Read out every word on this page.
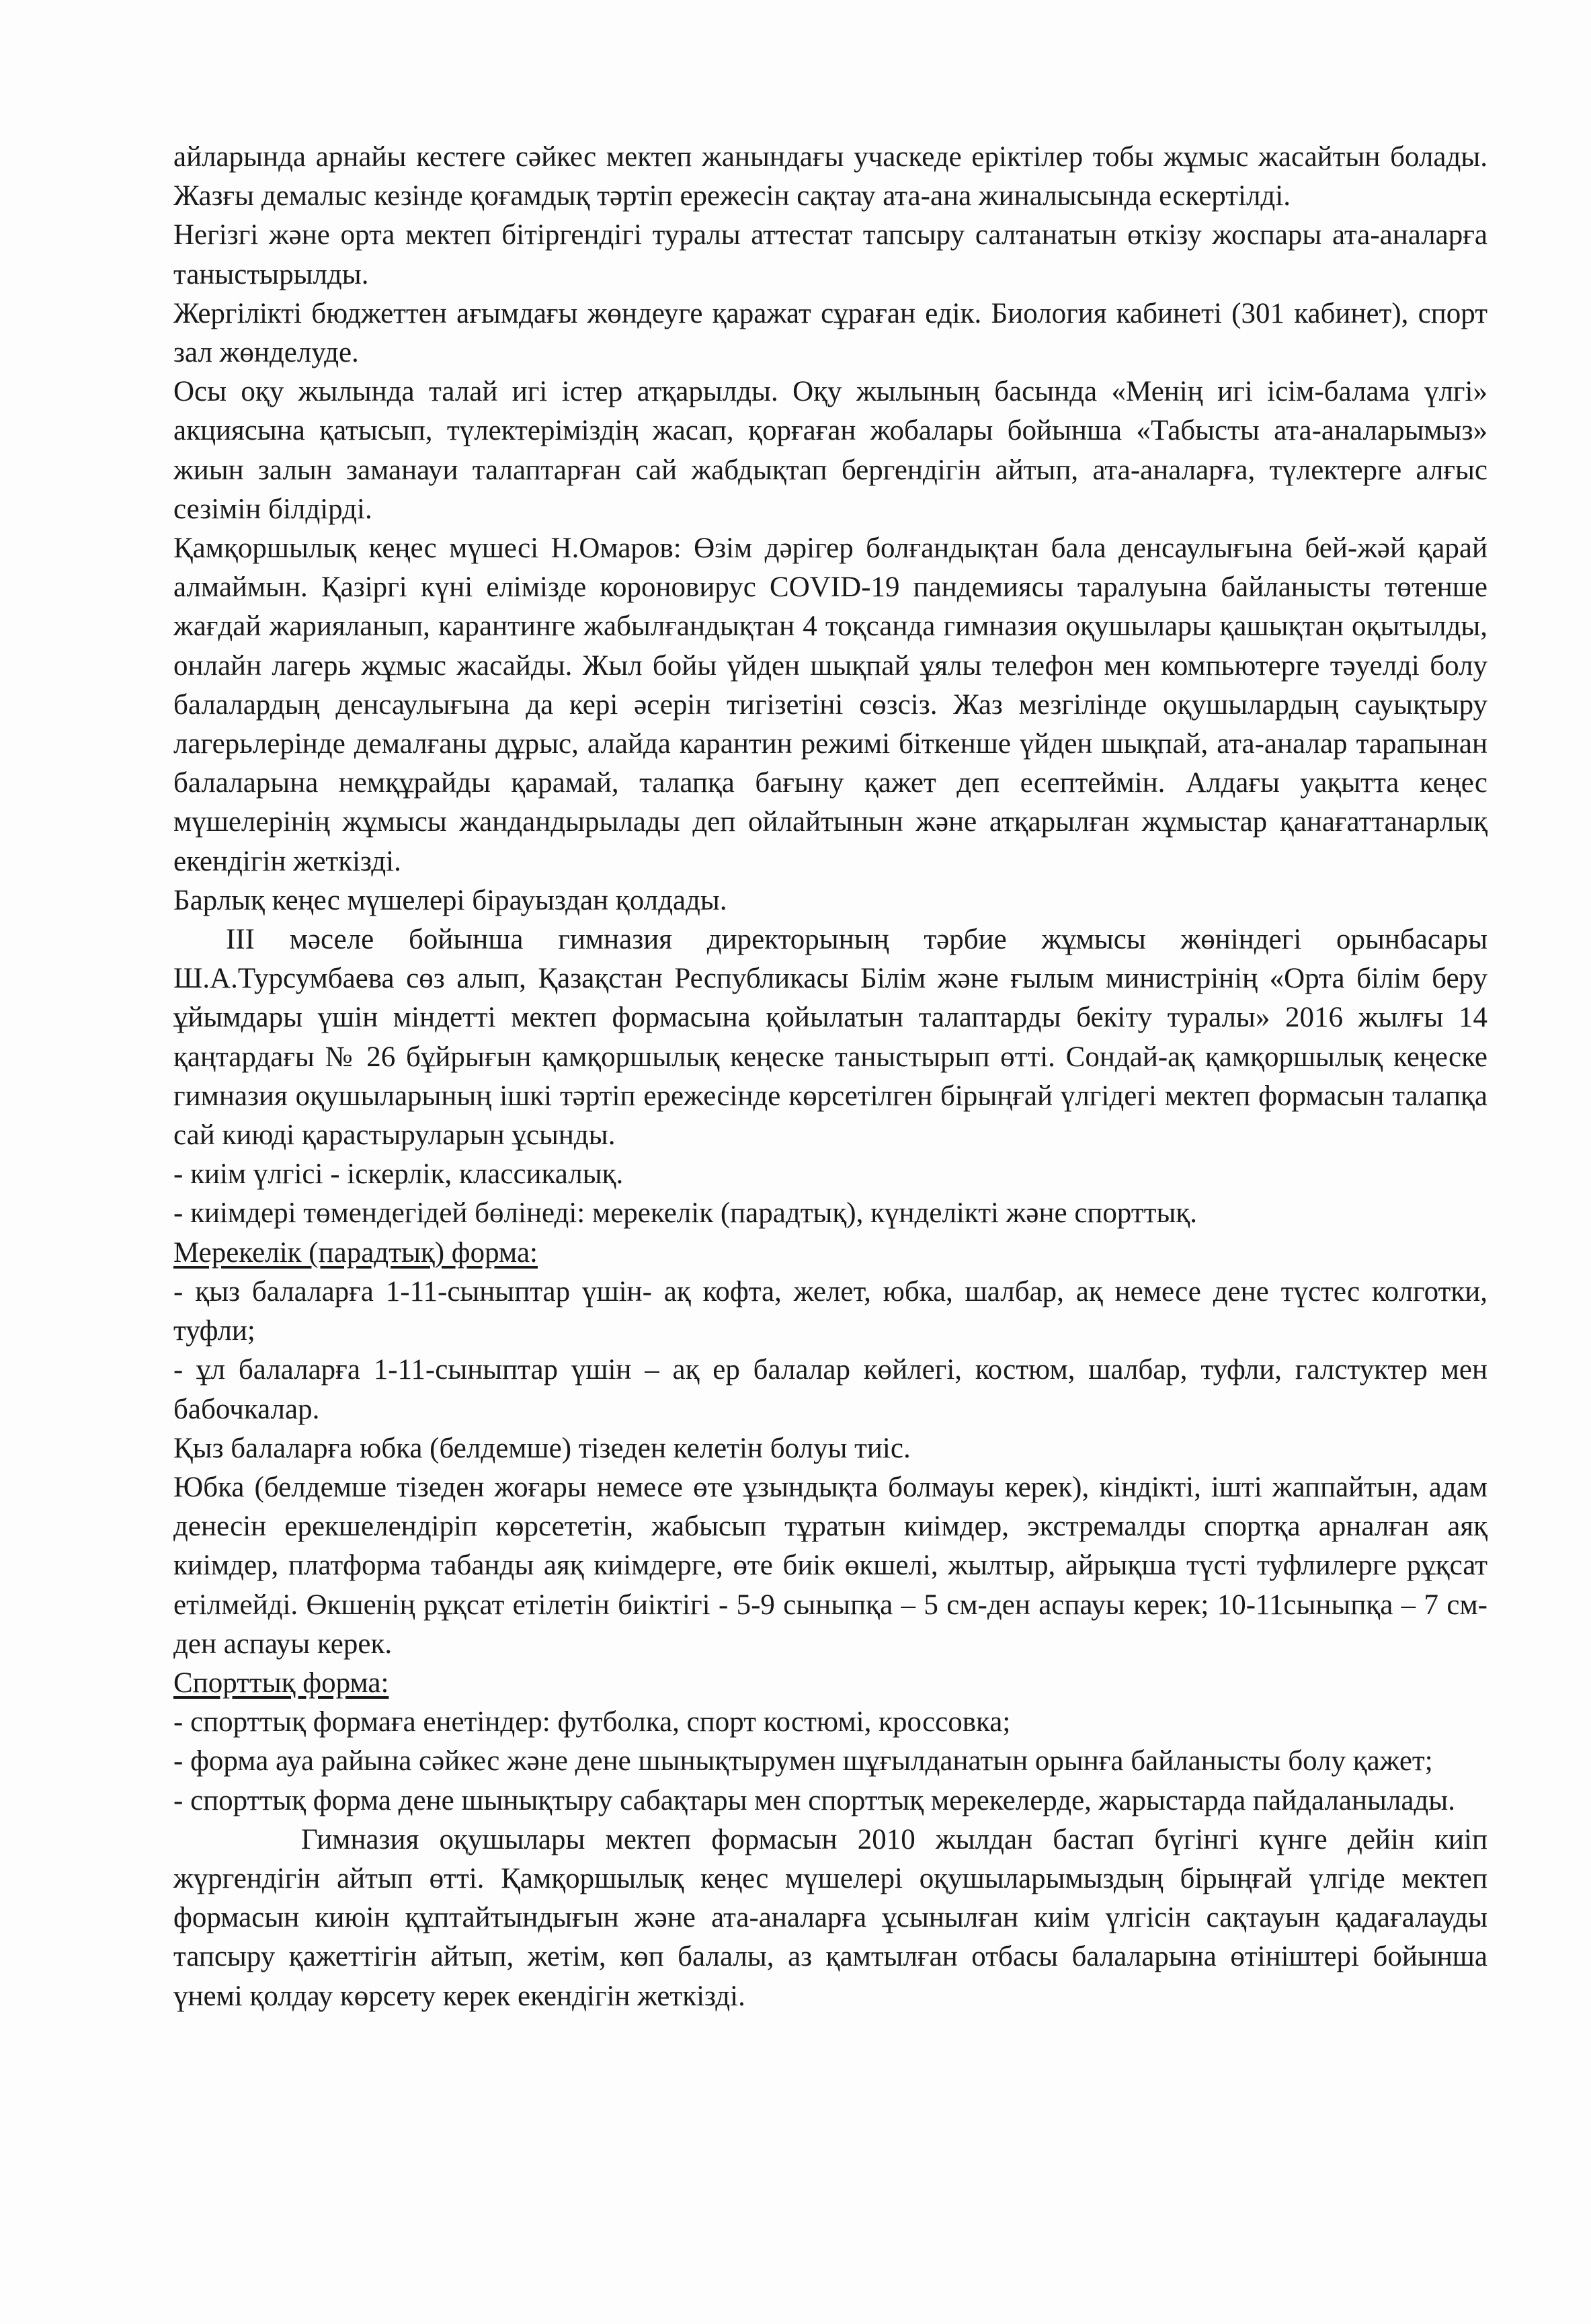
айларында арнайы кестеге сәйкес мектеп жанындағы учаскеде еріктілер тобы жұмыс жасайтын болады. Жазғы демалыс кезінде қоғамдық тәртіп ережесін сақтау ата-ана жиналысында ескертілді.

Негізгі және орта мектеп бітіргендігі туралы аттестат тапсыру салтанатын өткізу жоспары ата-аналарға таныстырылды.

Жергілікті бюджеттен ағымдағы жөндеуге қаражат сұраған едік. Биология кабинеті (301 кабинет), спорт зал жөнделуде.

Осы оқу жылында талай игі істер атқарылды. Оқу жылының басында «Менің игі ісім-балама үлгі» акциясына қатысып, түлектеріміздің жасап, қорғаған жобалары бойынша «Табысты ата-аналарымыз» жиын залын заманауи талаптарған сай жабдықтап бергендігін айтып, ата-аналарға, түлектерге алғыс сезімін білдірді.

Қамқоршылық кеңес мүшесі Н.Омаров: Өзім дәрігер болғандықтан бала денсаулығына бей-жәй қарай алмаймын. Қазіргі күні елімізде короновирус COVID-19 пандемиясы таралуына байланысты төтенше жағдай жарияланып, карантинге жабылғандықтан 4 тоқсанда гимназия оқушылары қашықтан оқытылды, онлайн лагерь жұмыс жасайды. Жыл бойы үйден шықпай ұялы телефон мен компьютерге тәуелді болу балалардың денсаулығына да кері әсерін тигізетіні сөзсіз. Жаз мезгілінде оқушылардың сауықтыру лагерьлерінде демалғаны дұрыс, алайда карантин режимі біткенше үйден шықпай, ата-аналар тарапынан балаларына немқұрайды қарамай, талапқа бағыну қажет деп есептеймін. Алдағы уақытта кеңес мүшелерінің жұмысы жандандырылады деп ойлайтынын және атқарылған жұмыстар қанағаттанарлық екендігін жеткізді.

Барлық кеңес мүшелері бірауыздан қолдады.

ІІІ мәселе бойынша гимназия директорының тәрбие жұмысы жөніндегі орынбасары Ш.А.Турсумбаева сөз алып, Қазақстан Республикасы Білім және ғылым министрінің «Орта білім беру ұйымдары үшін міндетті мектеп формасына қойылатын талаптарды бекіту туралы» 2016 жылғы 14 қаңтардағы № 26 бұйрығын қамқоршылық кеңеске таныстырып өтті. Сондай-ақ қамқоршылық кеңеске гимназия оқушыларының ішкі тәртіп ережесінде көрсетілген бірыңғай үлгідегі мектеп формасын талапқа сай киюді қарастыруларын ұсынды.

- киім үлгісі - іскерлік, классикалық.

- киімдері төмендегідей бөлінеді: мерекелік (парадтық), күнделікті және спорттық.

Мерекелік (парадтық) форма:

- қыз балаларға 1-11-сыныптар үшін- ақ кофта, желет, юбка, шалбар, ақ немесе дене түстес колготки, туфли;

- ұл балаларға 1-11-сыныптар үшін – ақ ер балалар көйлегі, костюм, шалбар, туфли, галстуктер мен бабочкалар.

Қыз балаларға юбка (белдемше) тізеден келетін болуы тиіс.

Юбка (белдемше тізеден жоғары немесе өте ұзындықта болмауы керек), кіндікті, ішті жаппайтын, адам денесін ерекшелендіріп көрсететін, жабысып тұратын киімдер, экстремалды спортқа арналған аяқ киімдер, платформа табанды аяқ киімдерге, өте биік өкшелі, жылтыр, айрықша түсті туфлилерге рұқсат етілмейді. Өкшенің рұқсат етілетін биіктігі - 5-9 сыныпқа – 5 см-ден аспауы керек; 10-11сыныпқа – 7 см-ден аспауы керек.

Спорттық форма:

- спорттық формаға енетіндер: футболка, спорт костюмі, кроссовка;

- форма ауа райына сәйкес және дене шынықтырумен шұғылданатын орынға байланысты болу қажет;

- спорттық форма дене шынықтыру сабақтары мен спорттық мерекелерде, жарыстарда пайдаланылады.

Гимназия оқушылары мектеп формасын 2010 жылдан бастап бүгінгі күнге дейін киіп жүргендігін айтып өтті. Қамқоршылық кеңес мүшелері оқушыларымыздың бірыңғай үлгіде мектеп формасын киюін құптайтындығын және ата-аналарға ұсынылған киім үлгісін сақтауын қадағалауды тапсыру қажеттігін айтып, жетім, көп балалы, аз қамтылған отбасы балаларына өтініштері бойынша үнемі қолдау көрсету керек екендігін жеткізді.
